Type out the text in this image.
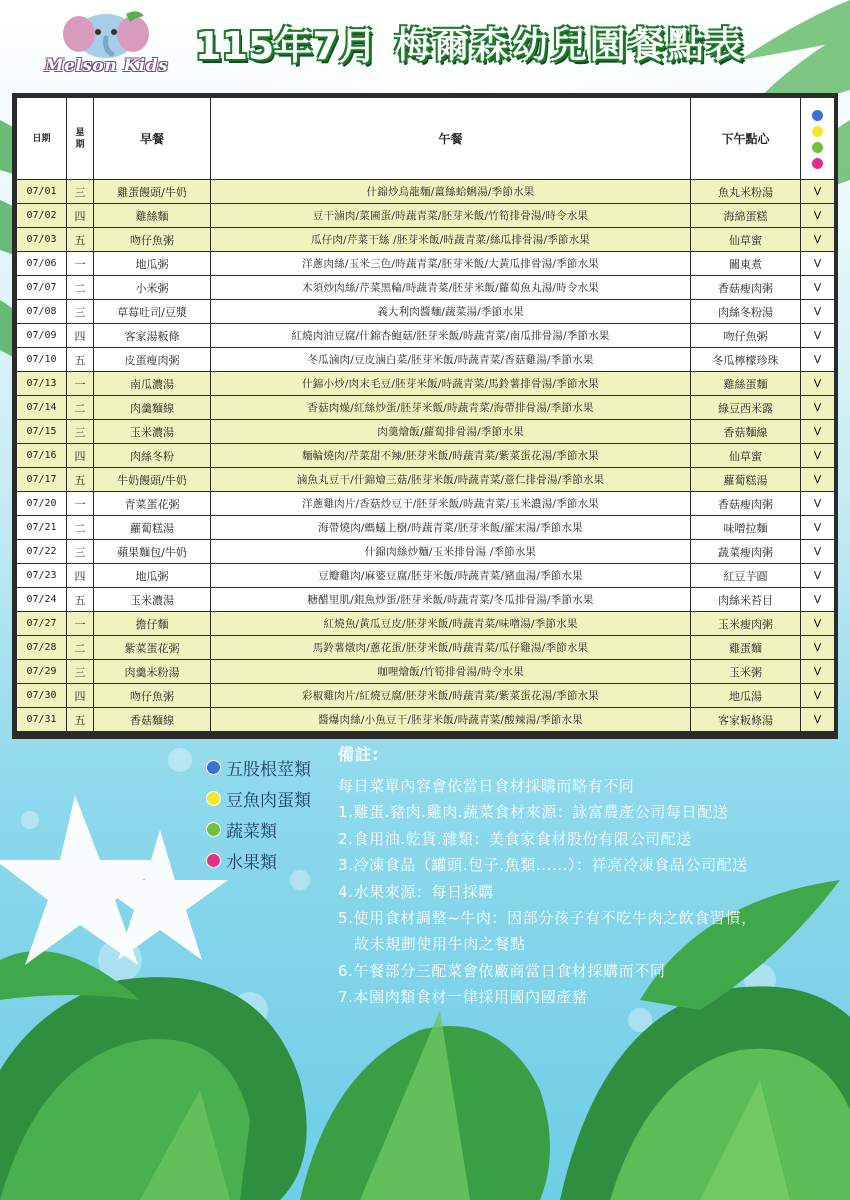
Melson Kids 115年7月 梅爾森幼兒園餐點表
日期	星期	早餐	午餐	下午點心	

07/01	三	雞蛋饅頭/牛奶	什錦炒烏龍麵/薑絲蛤蜊湯/季節水果	魚丸米粉湯	V
07/02	四	雞絲麵	豆干滷肉/菜圃蛋/時蔬青菜/胚芽米飯/竹筍排骨湯/時令水果	海綿蛋糕	V
07/03	五	吻仔魚粥	瓜仔肉/芹菜干絲 /胚芽米飯/時蔬青菜/絲瓜排骨湯/季節水果	仙草蜜	V
07/06	一	地瓜粥	洋蔥肉絲/玉米三色/時蔬青菜/胚芽米飯/大黃瓜排骨湯/季節水果	關東煮	V
07/07	二	小米粥	木須炒肉絲/芹菜黑輪/時蔬青菜/胚芽米飯/蘿蔔魚丸湯/時令水果	香菇瘦肉粥	V
07/08	三	草莓吐司/豆漿	義大利肉醬麵/蔬菜湯/季節水果	肉絲冬粉湯	V
07/09	四	客家湯粄條	紅燒肉油豆腐/什錦杏鮑菇/胚芽米飯/時蔬青菜/南瓜排骨湯/季節水果	吻仔魚粥	V
07/10	五	皮蛋瘦肉粥	冬瓜滷肉/豆皮滷白菜/胚芽米飯/時蔬青菜/香菇雞湯/季節水果	冬瓜檸檬珍珠	V
07/13	一	南瓜濃湯	什錦小炒/肉末毛豆/胚芽米飯/時蔬青菜/馬鈴薯排骨湯/季節水果	雞絲蛋麵	V
07/14	二	肉羹麵線	香菇肉燥/紅絲炒蛋/胚芽米飯/時蔬青菜/海帶排骨湯/季節水果	綠豆西米露	V
07/15	三	玉米濃湯	肉羹燴飯/蘿蔔排骨湯/季節水果	香菇麵線	V
07/16	四	肉絲冬粉	麵輪燒肉/芹菜甜不辣/胚芽米飯/時蔬青菜/紫菜蛋花湯/季節水果	仙草蜜	V
07/17	五	牛奶饅頭/牛奶	滷魚丸豆干/什錦燴三菇/胚芽米飯/時蔬青菜/薏仁排骨湯/季節水果	蘿蔔糕湯	V
07/20	一	青菜蛋花粥	洋蔥雞肉片/香菇炒豆干/胚芽米飯/時蔬青菜/玉米濃湯/季節水果	香菇瘦肉粥	V
07/21	二	蘿蔔糕湯	海帶燒肉/螞蟻上樹/時蔬青菜/胚芽米飯/羅宋湯/季節水果	味噌拉麵	V
07/22	三	蘋果麵包/牛奶	什錦肉絲炒麵/玉米排骨湯 /季節水果	蔬菜瘦肉粥	V
07/23	四	地瓜粥	豆瓣雞肉/麻婆豆腐/胚芽米飯/時蔬青菜/豬血湯/季節水果	紅豆芋圓	V
07/24	五	玉米濃湯	糖醋里肌/銀魚炒蛋/胚芽米飯/時蔬青菜/冬瓜排骨湯/季節水果	肉絲米苔目	V
07/27	一	擔仔麵	紅燒魚/黃瓜豆皮/胚芽米飯/時蔬青菜/味噌湯/季節水果	玉米瘦肉粥	V
07/28	二	紫菜蛋花粥	馬鈴薯燉肉/蔥花蛋/胚芽米飯/時蔬青菜/瓜仔雞湯/季節水果	雞蛋麵	V
07/29	三	肉羹米粉湯	咖哩燴飯/竹筍排骨湯/時令水果	玉米粥	V
07/30	四	吻仔魚粥	彩椒雞肉片/紅燒豆腐/胚芽米飯/時蔬青菜/紫菜蛋花湯/季節水果	地瓜湯	V
07/31	五	香菇麵線	醬爆肉絲/小魚豆干/胚芽米飯/時蔬青菜/酸辣湯/季節水果	客家粄條湯	V
五股根莖類
豆魚肉蛋類
蔬菜類
水果類
備註:
每日菜單內容會依當日食材採購而略有不同
1.雞蛋.豬肉.雞肉.蔬菜食材來源：詠富農產公司每日配送
2.食用油.乾貨.雜類：美食家食材股份有限公司配送
3.冷凍食品（罐頭.包子.魚類......）：祥亮冷凍食品公司配送
4.水果來源：每日採購
5.使用食材調整~牛肉：因部分孩子有不吃牛肉之飲食習慣，
故未規劃使用牛肉之餐點
6.午餐部分三配菜會依廠商當日食材採購而不同
7.本園肉類食材一律採用國內國產豬
